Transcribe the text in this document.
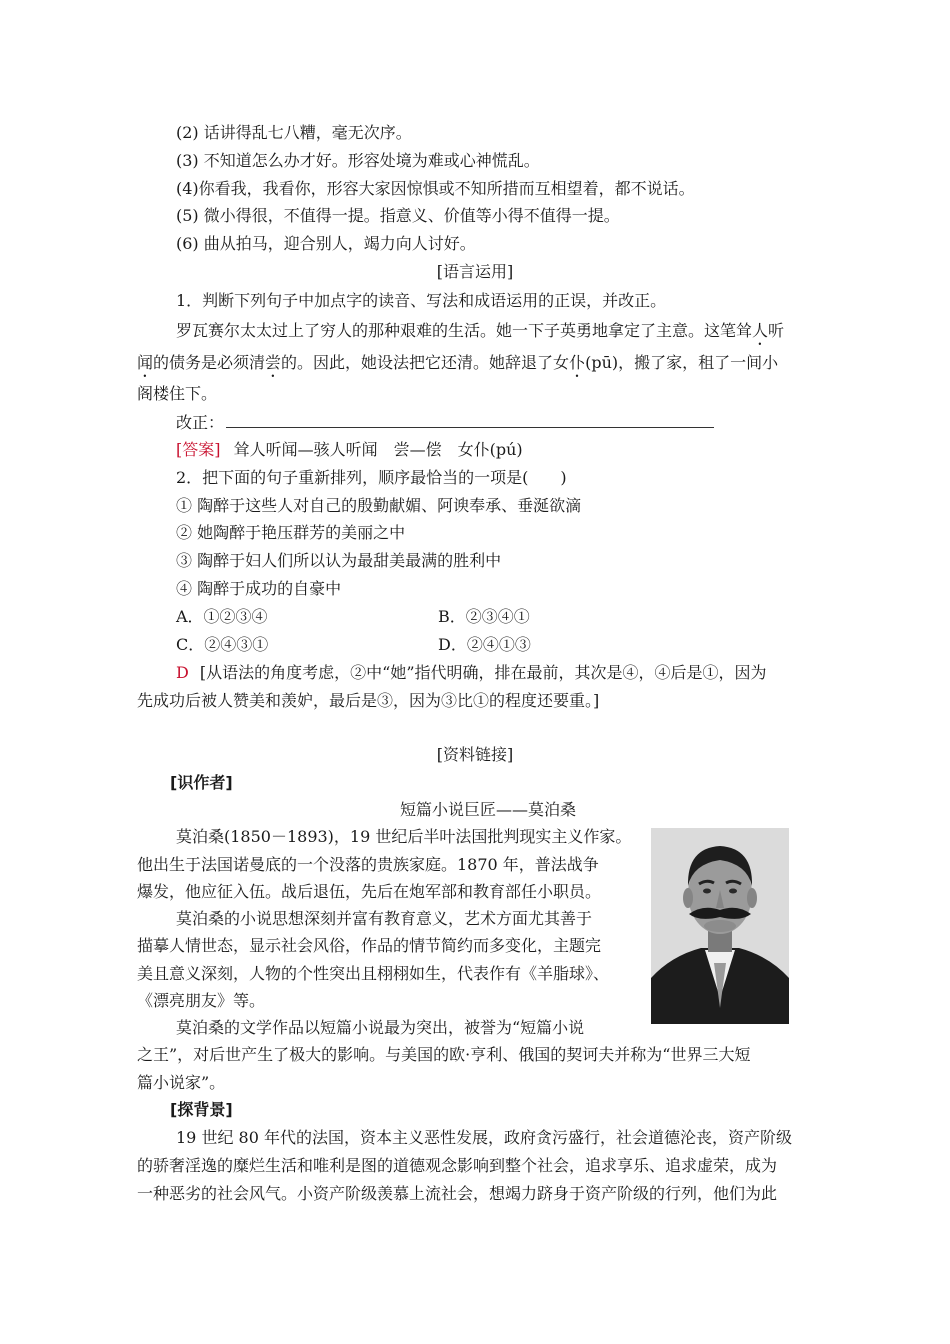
(2) 话讲得乱七八糟，毫无次序。
(3) 不知道怎么办才好。形容处境为难或心神慌乱。
(4)你看我，我看你，形容大家因惊惧或不知所措而互相望着，都不说话。
(5) 微小得很，不值得一提。指意义、价值等小得不值得一提。
(6) 曲从拍马，迎合别人，竭力向人讨好。
[语言运用]
1．判断下列句子中加点字的读音、写法和成语运用的正误，并改正。
罗瓦赛尔太太过上了穷人的那种艰难的生活。她一下子英勇地拿定了主意。这笔耸人听
闻的债务是必须清尝的。因此，她设法把它还清。她辞退了女仆(pū)，搬了家，租了一间小
阁楼住下。
改正：
[答案] 耸人听闻—骇人听闻　尝—偿　女仆(pú)
2．把下面的句子重新排列，顺序最恰当的一项是(　　)
① 陶醉于这些人对自己的殷勤献媚、阿谀奉承、垂涎欲滴
② 她陶醉于艳压群芳的美丽之中
③ 陶醉于妇人们所以认为最甜美最满的胜利中
④ 陶醉于成功的自豪中
A．①②③④	B．②③④①
C．②④③①	D．②④①③
D [从语法的角度考虑，②中“她”指代明确，排在最前，其次是④，④后是①，因为
先成功后被人赞美和羡妒，最后是③，因为③比①的程度还要重。]
[资料链接]
[识作者]
短篇小说巨匠——莫泊桑
莫泊桑(1850－1893)，19 世纪后半叶法国批判现实主义作家。
他出生于法国诺曼底的一个没落的贵族家庭。1870 年，普法战争
爆发，他应征入伍。战后退伍，先后在炮军部和教育部任小职员。
莫泊桑的小说思想深刻并富有教育意义，艺术方面尤其善于
描摹人情世态，显示社会风俗，作品的情节简约而多变化，主题完
美且意义深刻，人物的个性突出且栩栩如生，代表作有《羊脂球》、
《漂亮朋友》等。
莫泊桑的文学作品以短篇小说最为突出，被誉为“短篇小说
之王”，对后世产生了极大的影响。与美国的欧·亨利、俄国的契诃夫并称为“世界三大短
篇小说家”。
[探背景]
19 世纪 80 年代的法国，资本主义恶性发展，政府贪污盛行，社会道德沦丧，资产阶级
的骄奢淫逸的糜烂生活和唯利是图的道德观念影响到整个社会，追求享乐、追求虚荣，成为
一种恶劣的社会风气。小资产阶级羡慕上流社会，想竭力跻身于资产阶级的行列，他们为此
